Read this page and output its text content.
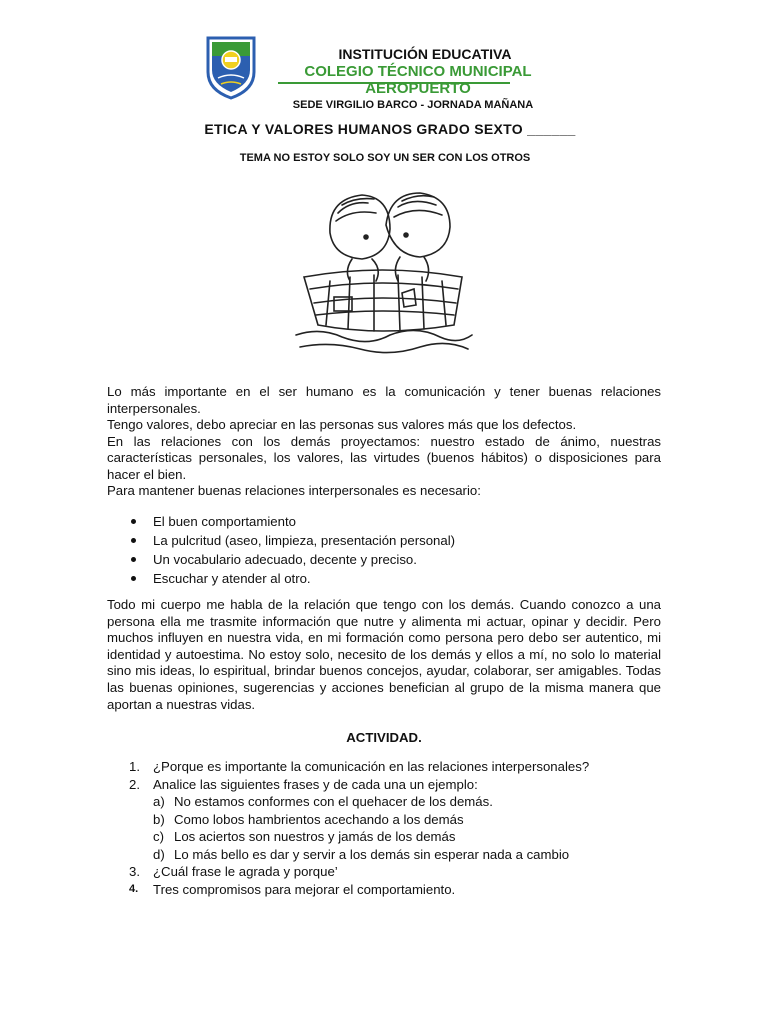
INSTITUCIÓN EDUCATIVA
COLEGIO TÉCNICO MUNICIPAL AEROPUERTO
SEDE VIRGILIO BARCO - JORNADA MAÑANA
ETICA Y VALORES HUMANOS GRADO SEXTO ______
TEMA NO ESTOY SOLO SOY UN SER CON LOS OTROS

Lo más importante en el ser humano es la comunicación y tener buenas relaciones interpersonales.

Tengo valores, debo apreciar en las personas sus valores más que los defectos.

En las relaciones con los demás proyectamos: nuestro estado de ánimo, nuestras características personales, los valores, las virtudes (buenos hábitos) o disposiciones para hacer el bien.

Para mantener buenas relaciones interpersonales es necesario:

El buen comportamiento
La pulcritud (aseo, limpieza, presentación personal)
Un vocabulario adecuado, decente y preciso.
Escuchar y atender al otro.

Todo mi cuerpo me habla de la relación que tengo con los demás. Cuando conozco a una persona ella me trasmite información que nutre y alimenta mi actuar, opinar y decidir. Pero muchos influyen en nuestra vida, en mi formación como persona pero debo ser autentico, mi identidad y autoestima. No estoy solo, necesito de los demás y ellos a mí, no solo lo material sino mis ideas, lo espiritual, brindar buenos concejos, ayudar, colaborar, ser amigables. Todas las buenas opiniones, sugerencias y acciones benefician al grupo de la misma manera que aportan a nuestras vidas.

ACTIVIDAD.
1. ¿Porque es importante la comunicación en las relaciones interpersonales?
2. Analice las siguientes frases y de cada una un ejemplo:
a) No estamos conformes con el quehacer de los demás.
b) Como lobos hambrientos acechando a los demás
c) Los aciertos son nuestros y jamás de los demás
d) Lo más bello es dar y servir a los demás sin esperar nada a cambio
3. ¿Cuál frase le agrada y porque’
4. Tres compromisos para mejorar el comportamiento.
